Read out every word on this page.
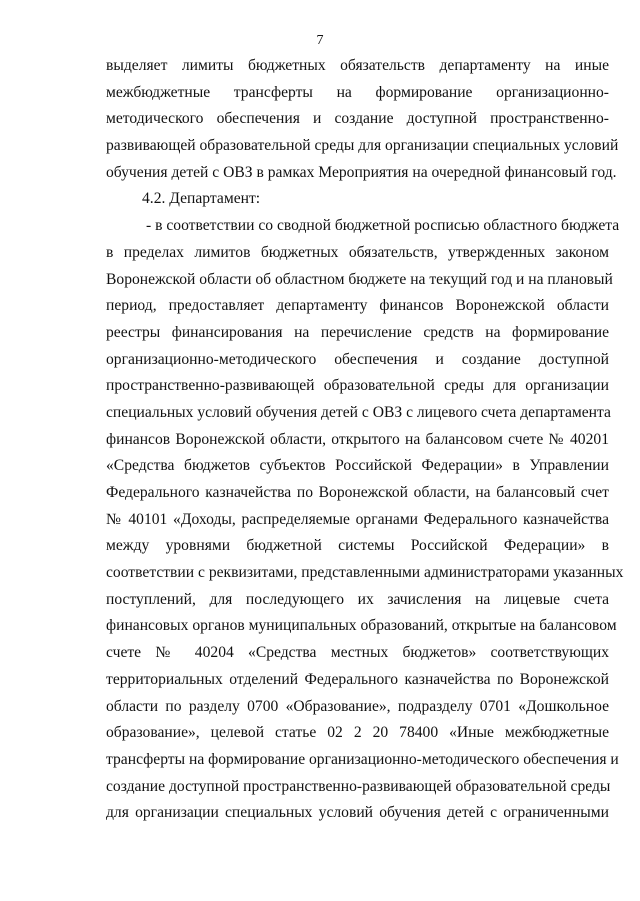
7
выделяет лимиты бюджетных обязательств департаменту на иные
межбюджетные трансферты на формирование организационно-
методического обеспечения и создание доступной пространственно-
развивающей образовательной среды для организации специальных условий
обучения детей с ОВЗ в рамках Мероприятия на очередной финансовый год.
4.2. Департамент:
- в соответствии со сводной бюджетной росписью областного бюджета
в пределах лимитов бюджетных обязательств, утвержденных законом
Воронежской области об областном бюджете на текущий год и на плановый
период, предоставляет департаменту финансов Воронежской области
реестры финансирования на перечисление средств на формирование
организационно-методического обеспечения и создание доступной
пространственно-развивающей образовательной среды для организации
специальных условий обучения детей с ОВЗ с лицевого счета департамента
финансов Воронежской области, открытого на балансовом счете № 40201
«Средства бюджетов субъектов Российской Федерации» в Управлении
Федерального казначейства по Воронежской области, на балансовый счет
№ 40101 «Доходы, распределяемые органами Федерального казначейства
между уровнями бюджетной системы Российской Федерации» в
соответствии с реквизитами, представленными администраторами указанных
поступлений, для последующего их зачисления на лицевые счета
финансовых органов муниципальных образований, открытые на балансовом
счете № 40204 «Средства местных бюджетов» соответствующих
территориальных отделений Федерального казначейства по Воронежской
области по разделу 0700 «Образование», подразделу 0701 «Дошкольное
образование», целевой статье 02 2 20 78400 «Иные межбюджетные
трансферты на формирование организационно-методического обеспечения и
создание доступной пространственно-развивающей образовательной среды
для организации специальных условий обучения детей с ограниченными
